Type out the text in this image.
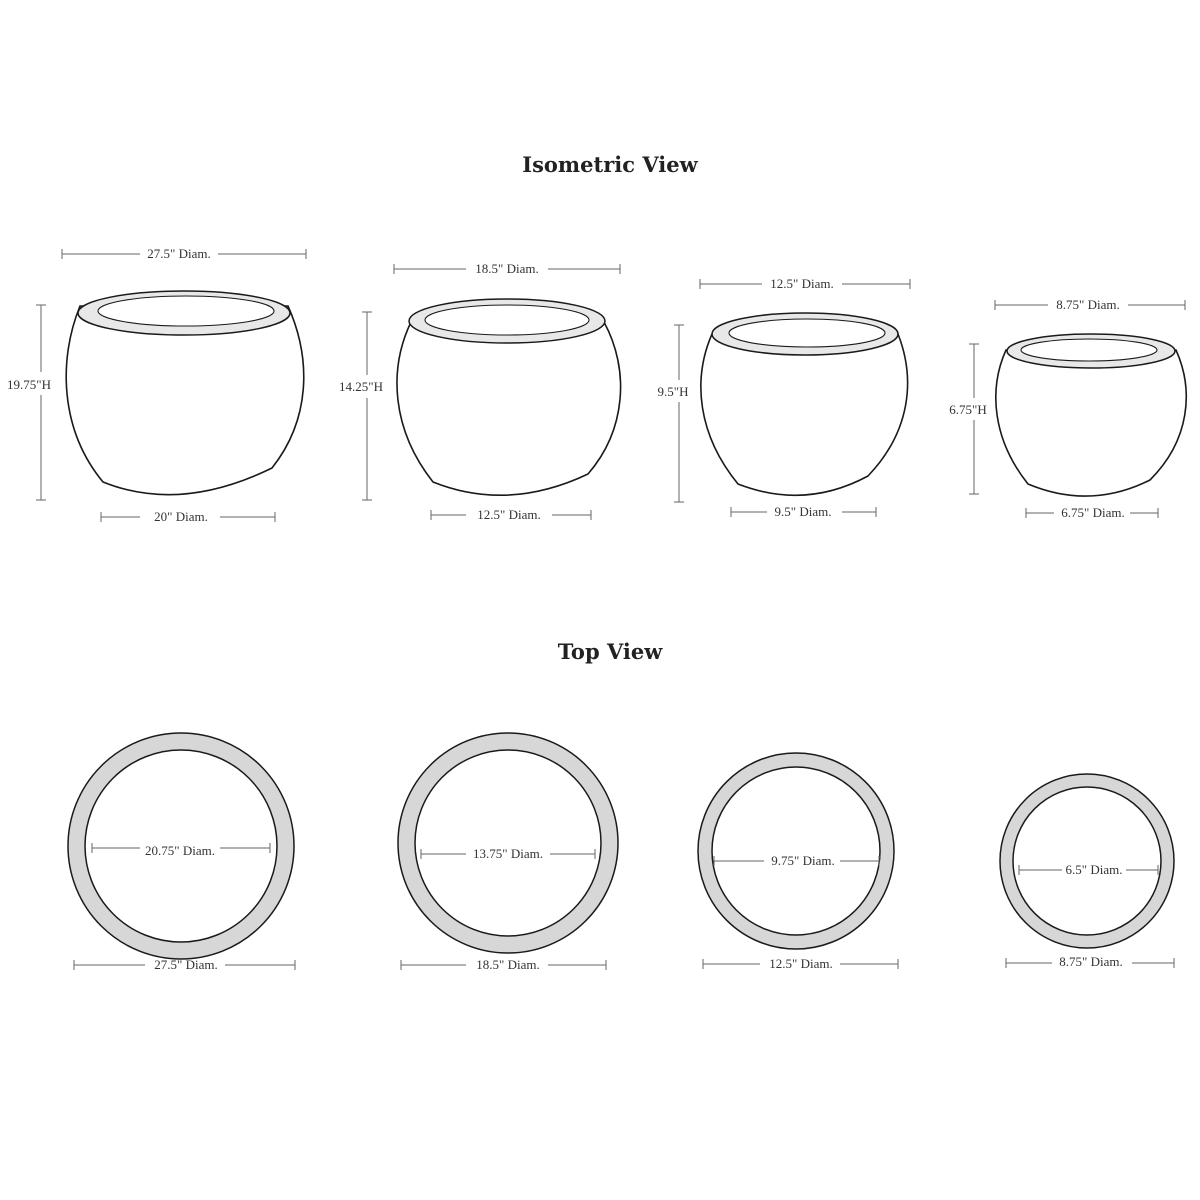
Isometric View
Top View
27.5" Diam.
19.75"H
20" Diam.
18.5" Diam.
14.25"H
12.5" Diam.
12.5" Diam.
9.5"H
9.5" Diam.
8.75" Diam.
6.75"H
6.75" Diam.
20.75" Diam.
27.5" Diam.
13.75" Diam.
18.5" Diam.
9.75" Diam.
12.5" Diam.
6.5" Diam.
8.75" Diam.
